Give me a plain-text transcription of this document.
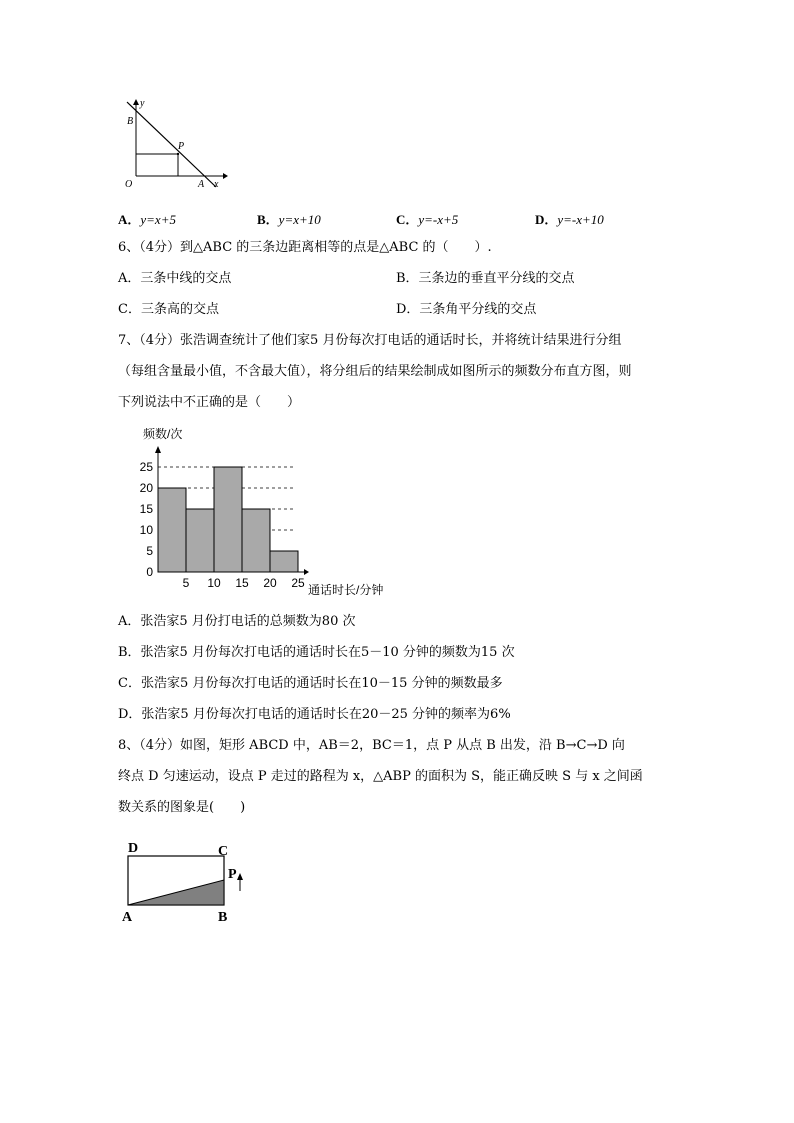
y
B
P
O	A x
A．y=x+5	B．y=x+10	C．y=-x+5	D．y=-x+10
6、（4分）到△ABC 的三条边距离相等的点是△ABC 的（　　）.
A．三条中线的交点	B．三条边的垂直平分线的交点
C．三条高的交点	D．三条角平分线的交点
7、（4分）张浩调查统计了他们家5 月份每次打电话的通话时长，并将统计结果进行分组
（每组含量最小值，不含最大值），将分组后的结果绘制成如图所示的频数分布直方图，则
下列说法中不正确的是（　　）
频数/次
通话时长/分钟
0
5
10
15
20
25
5 10 15 20 25
A．张浩家5 月份打电话的总频数为80 次
B．张浩家5 月份每次打电话的通话时长在5－10 分钟的频数为15 次
C．张浩家5 月份每次打电话的通话时长在10－15 分钟的频数最多
D．张浩家5 月份每次打电话的通话时长在20－25 分钟的频率为6%
8、（4分）如图，矩形 ABCD 中，AB＝2，BC＝1，点 P 从点 B 出发，沿 B→C→D 向
终点 D 匀速运动，设点 P 走过的路程为 x，△ABP 的面积为 S，能正确反映 S 与 x 之间函
数关系的图象是(　　)
D	C
P
A	B
